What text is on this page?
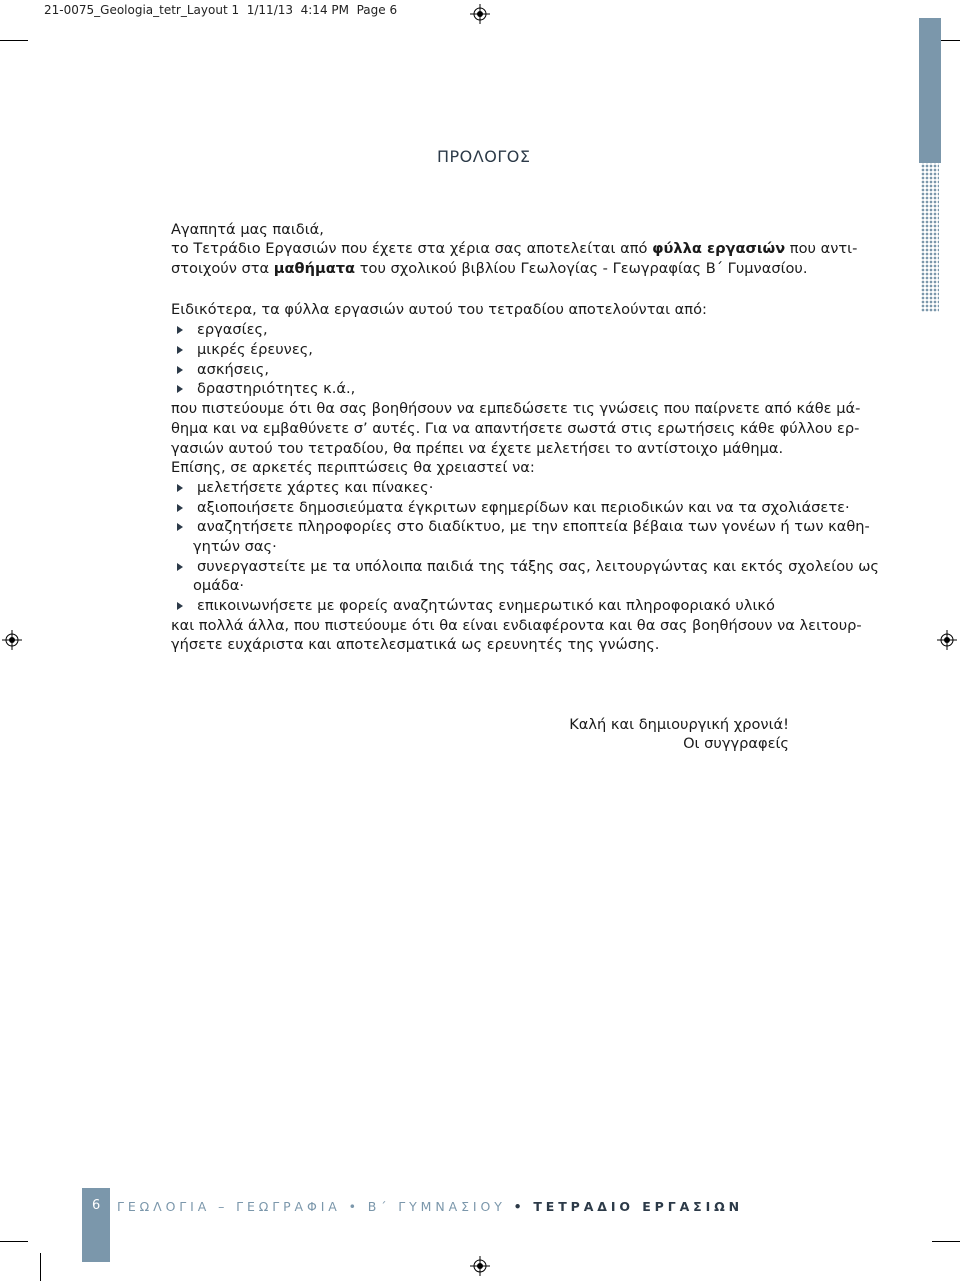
21-0075_Geologia_tetr_Layout 1  1/11/13  4:14 PM  Page 6
ΠΡΟΛΟΓΟΣ
Αγαπητά μας παιδιά,
το Τετράδιο Εργασιών που έχετε στα χέρια σας αποτελείται από φύλλα εργασιών που αντι-
στοιχούν στα μαθήματα του σχολικού βιβλίου Γεωλογίας - Γεωγραφίας Β΄ Γυμνασίου.
Ειδικότερα, τα φύλλα εργασιών αυτού του τετραδίου αποτελούνται από:
εργασίες,
μικρές έρευνες,
ασκήσεις,
δραστηριότητες κ.ά.,
που πιστεύουμε ότι θα σας βοηθήσουν να εμπεδώσετε τις γνώσεις που παίρνετε από κάθε μά-
θημα και να εμβαθύνετε σ’ αυτές. Για να απαντήσετε σωστά στις ερωτήσεις κάθε φύλλου ερ-
γασιών αυτού του τετραδίου, θα πρέπει να έχετε μελετήσει το αντίστοιχο μάθημα.
Επίσης, σε αρκετές περιπτώσεις θα χρειαστεί να:
μελετήσετε χάρτες και πίνακες·
αξιοποιήσετε δημοσιεύματα έγκριτων εφημερίδων και περιοδικών και να τα σχολιάσετε·
αναζητήσετε πληροφορίες στο διαδίκτυο, με την εποπτεία βέβαια των γονέων ή των καθη-
γητών σας·
συνεργαστείτε με τα υπόλοιπα παιδιά της τάξης σας, λειτουργώντας και εκτός σχολείου ως
ομάδα·
επικοινωνήσετε με φορείς αναζητώντας ενημερωτικό και πληροφοριακό υλικό
και πολλά άλλα, που πιστεύουμε ότι θα είναι ενδιαφέροντα και θα σας βοηθήσουν να λειτουρ-
γήσετε ευχάριστα και αποτελεσματικά ως ερευνητές της γνώσης.
Καλή και δημιουργική χρονιά!
Οι συγγραφείς
6 ΓΕΩΛΟΓΙΑ – ΓΕΩΓΡΑΦΙΑ • Β΄ ΓΥΜΝΑΣΙΟΥ • ΤΕΤΡΑΔΙΟ ΕΡΓΑΣΙΩΝ
